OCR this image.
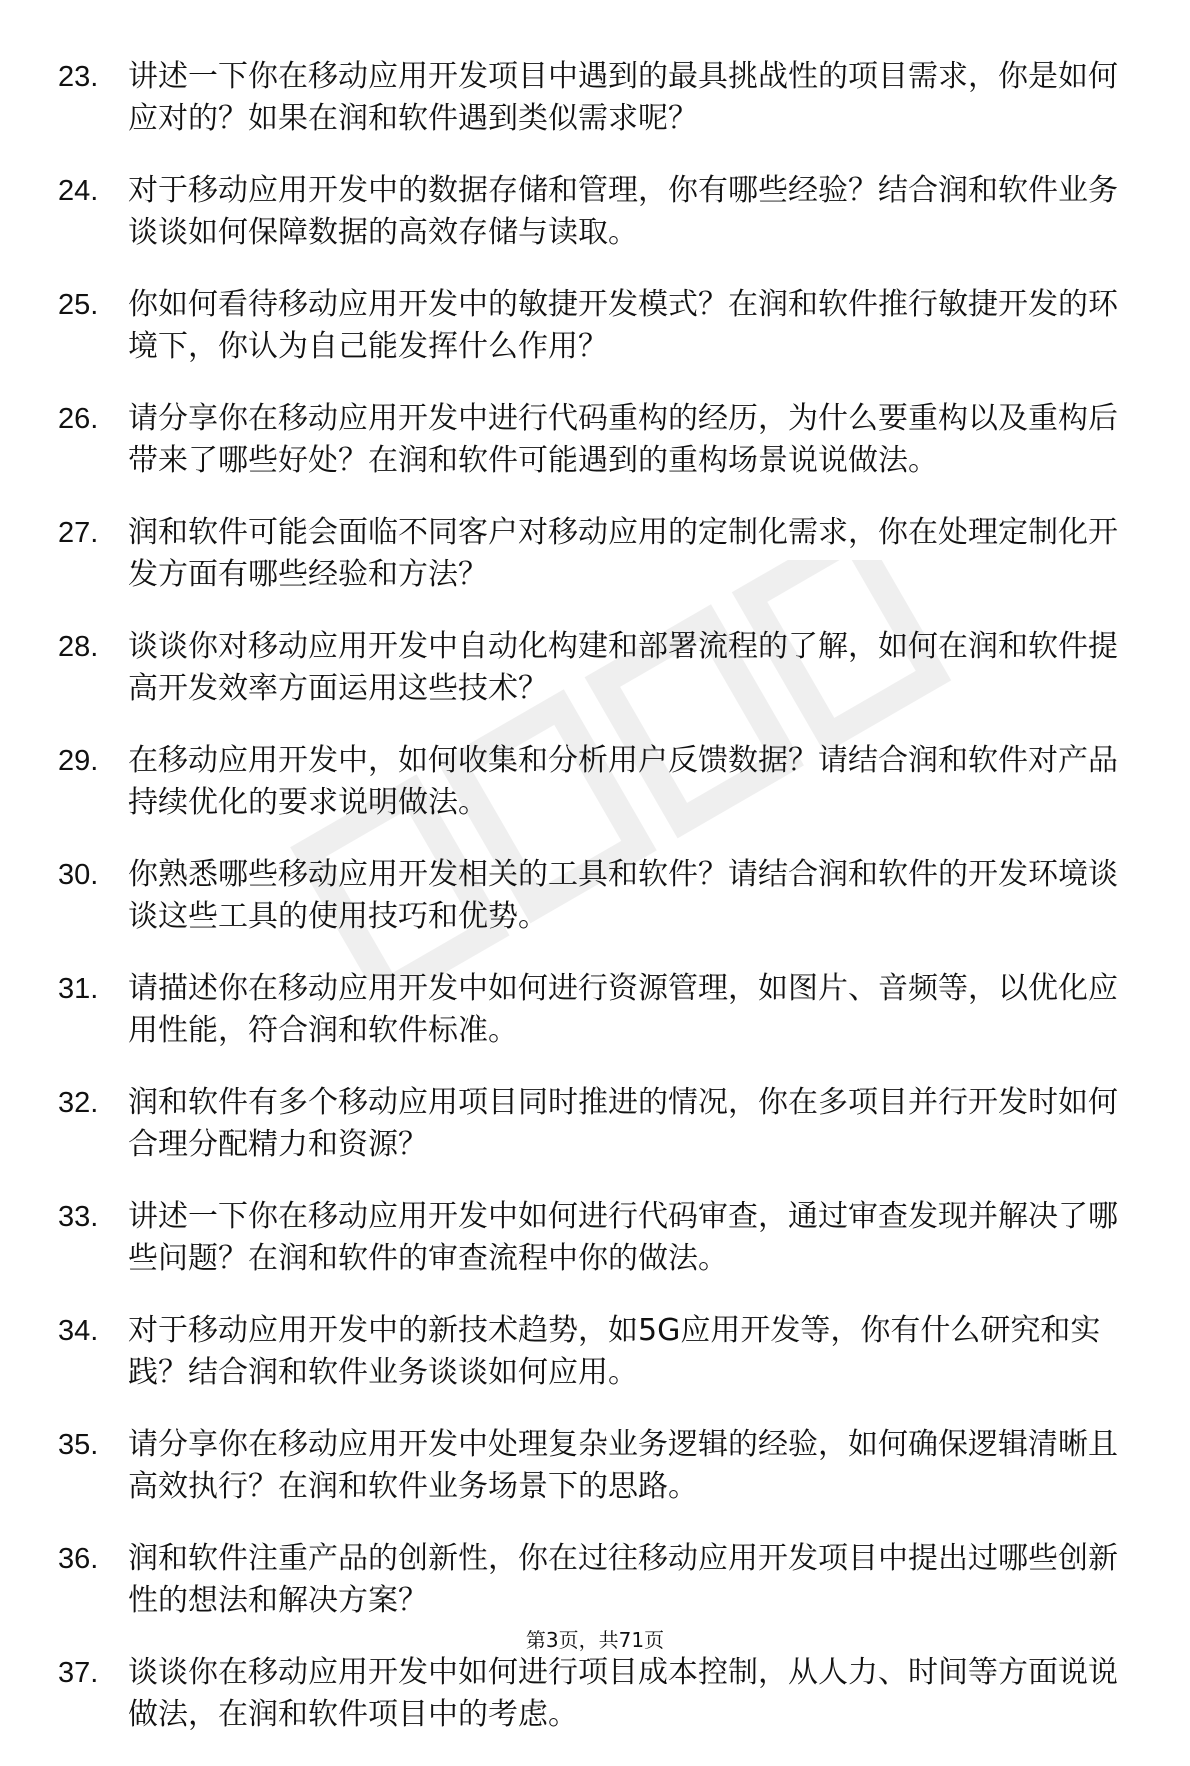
23. 讲述一下你在移动应用开发项目中遇到的最具挑战性的项目需求，你是如何应对的？如果在润和软件遇到类似需求呢？
24. 对于移动应用开发中的数据存储和管理，你有哪些经验？结合润和软件业务谈谈如何保障数据的高效存储与读取。
25. 你如何看待移动应用开发中的敏捷开发模式？在润和软件推行敏捷开发的环境下，你认为自己能发挥什么作用？
26. 请分享你在移动应用开发中进行代码重构的经历，为什么要重构以及重构后带来了哪些好处？在润和软件可能遇到的重构场景说说做法。
27. 润和软件可能会面临不同客户对移动应用的定制化需求，你在处理定制化开发方面有哪些经验和方法？
28. 谈谈你对移动应用开发中自动化构建和部署流程的了解，如何在润和软件提高开发效率方面运用这些技术？
29. 在移动应用开发中，如何收集和分析用户反馈数据？请结合润和软件对产品持续优化的要求说明做法。
30. 你熟悉哪些移动应用开发相关的工具和软件？请结合润和软件的开发环境谈谈这些工具的使用技巧和优势。
31. 请描述你在移动应用开发中如何进行资源管理，如图片、音频等，以优化应用性能，符合润和软件标准。
32. 润和软件有多个移动应用项目同时推进的情况，你在多项目并行开发时如何合理分配精力和资源？
33. 讲述一下你在移动应用开发中如何进行代码审查，通过审查发现并解决了哪些问题？在润和软件的审查流程中你的做法。
34. 对于移动应用开发中的新技术趋势，如5G应用开发等，你有什么研究和实践？结合润和软件业务谈谈如何应用。
35. 请分享你在移动应用开发中处理复杂业务逻辑的经验，如何确保逻辑清晰且高效执行？在润和软件业务场景下的思路。
36. 润和软件注重产品的创新性，你在过往移动应用开发项目中提出过哪些创新性的想法和解决方案？
37. 谈谈你在移动应用开发中如何进行项目成本控制，从人力、时间等方面说说做法，在润和软件项目中的考虑。
第3页，共71页
